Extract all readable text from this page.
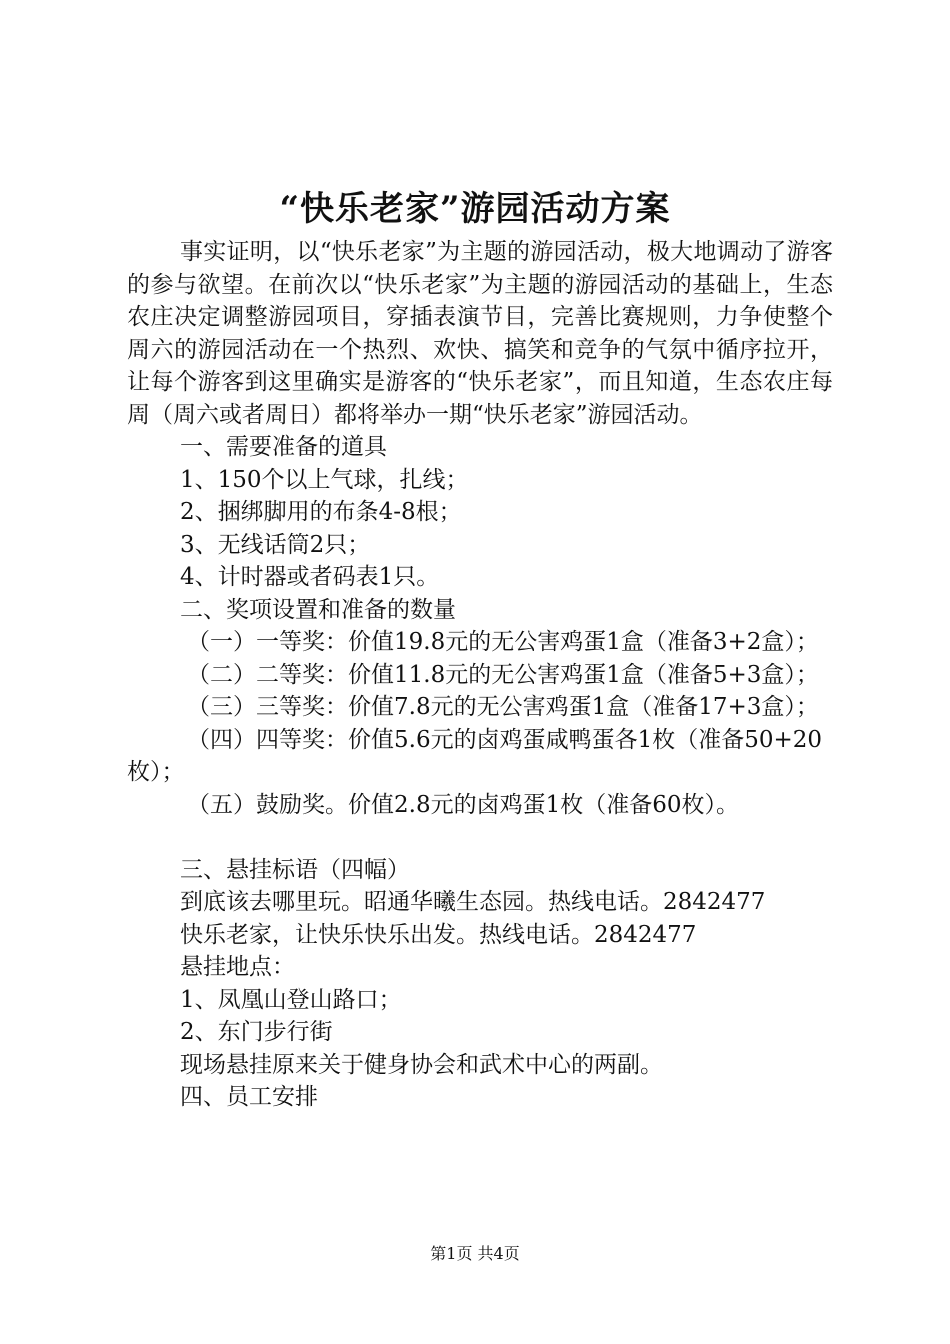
“快乐老家”游园活动方案
事实证明，以“快乐老家”为主题的游园活动，极大地调动了游客的参与欲望。在前次以“快乐老家”为主题的游园活动的基础上，生态农庄决定调整游园项目，穿插表演节目，完善比赛规则，力争使整个周六的游园活动在一个热烈、欢快、搞笑和竞争的气氛中循序拉开，让每个游客到这里确实是游客的“快乐老家”，而且知道，生态农庄每周（周六或者周日）都将举办一期“快乐老家”游园活动。
一、需要准备的道具
1、150个以上气球，扎线；
2、捆绑脚用的布条4-8根；
3、无线话筒2只；
4、计时器或者码表1只。
二、奖项设置和准备的数量
（一）一等奖：价值19.8元的无公害鸡蛋1盒（准备3+2盒）；
（二）二等奖：价值11.8元的无公害鸡蛋1盒（准备5+3盒）；
（三）三等奖：价值7.8元的无公害鸡蛋1盒（准备17+3盒）；
（四）四等奖：价值5.6元的卤鸡蛋咸鸭蛋各1枚（准备50+20枚）；
（五）鼓励奖。价值2.8元的卤鸡蛋1枚（准备60枚）。
三、悬挂标语（四幅）
到底该去哪里玩。昭通华曦生态园。热线电话。2842477
快乐老家，让快乐快乐出发。热线电话。2842477
悬挂地点：
1、凤凰山登山路口；
2、东门步行街
现场悬挂原来关于健身协会和武术中心的两副。
四、员工安排
第1页 共4页
